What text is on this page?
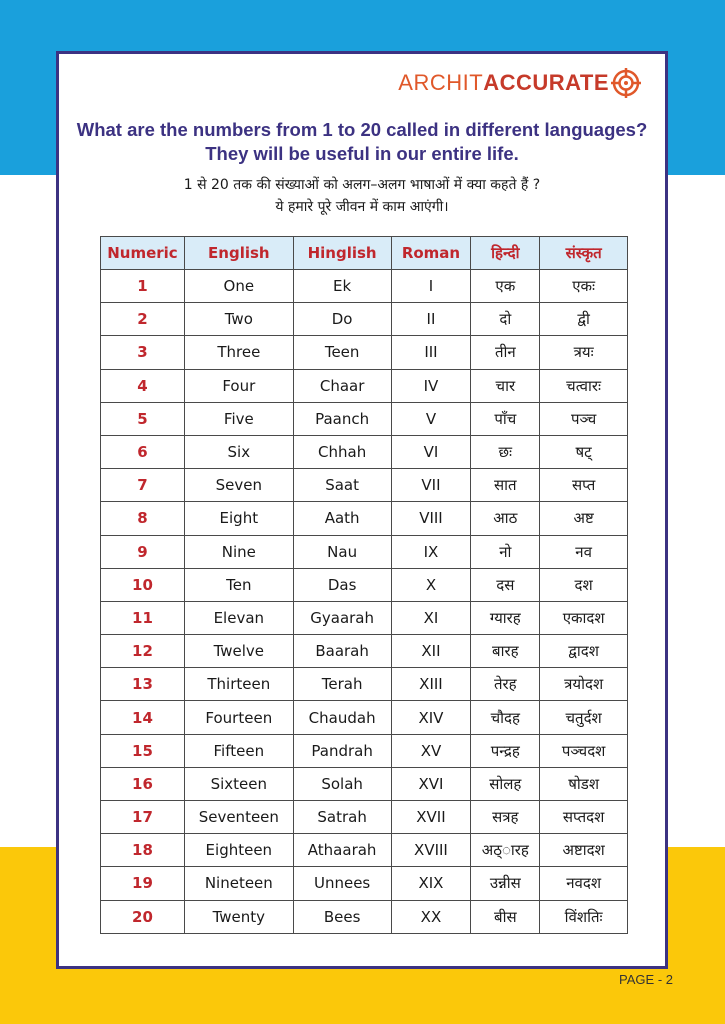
ARCHIT ACCURATE
What are the numbers from 1 to 20 called in different languages?
They will be useful in our entire life.
1 से 20 तक की संख्याओं को अलग–अलग भाषाओं में क्या कहते हैं ?
ये हमारे पूरे जीवन में काम आएंगी।
Numeric	English	Hinglish	Roman	हिन्दी	संस्कृत
1	One	Ek	I	एक	एकः
2	Two	Do	II	दो	द्वी
3	Three	Teen	III	तीन	त्रयः
4	Four	Chaar	IV	चार	चत्वारः
5	Five	Paanch	V	पाँच	पञ्च
6	Six	Chhah	VI	छः	षट्
7	Seven	Saat	VII	सात	सप्त
8	Eight	Aath	VIII	आठ	अष्ट
9	Nine	Nau	IX	नो	नव
10	Ten	Das	X	दस	दश
11	Elevan	Gyaarah	XI	ग्यारह	एकादश
12	Twelve	Baarah	XII	बारह	द्वादश
13	Thirteen	Terah	XIII	तेरह	त्रयोदश
14	Fourteen	Chaudah	XIV	चौदह	चतुर्दश
15	Fifteen	Pandrah	XV	पन्द्रह	पञ्चदश
16	Sixteen	Solah	XVI	सोलह	षोडश
17	Seventeen	Satrah	XVII	सत्रह	सप्तदश
18	Eighteen	Athaarah	XVIII	अठ्ारह	अष्टादश
19	Nineteen	Unnees	XIX	उन्नीस	नवदश
20	Twenty	Bees	XX	बीस	विंशतिः
PAGE - 2
